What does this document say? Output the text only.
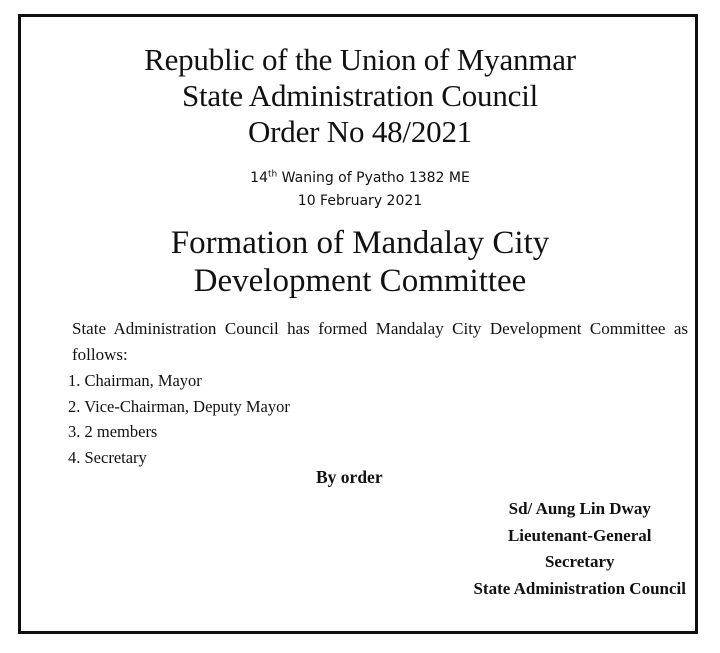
Republic of the Union of Myanmar
State Administration Council
Order No 48/2021
14th Waning of Pyatho 1382 ME
10 February 2021
Formation of Mandalay City
Development Committee
State Administration Council has formed Mandalay City Development Committee as follows:
1. Chairman, Mayor
2. Vice-Chairman, Deputy Mayor
3. 2 members
4. Secretary
By order
Sd/ Aung Lin Dway
Lieutenant-General
Secretary
State Administration Council
